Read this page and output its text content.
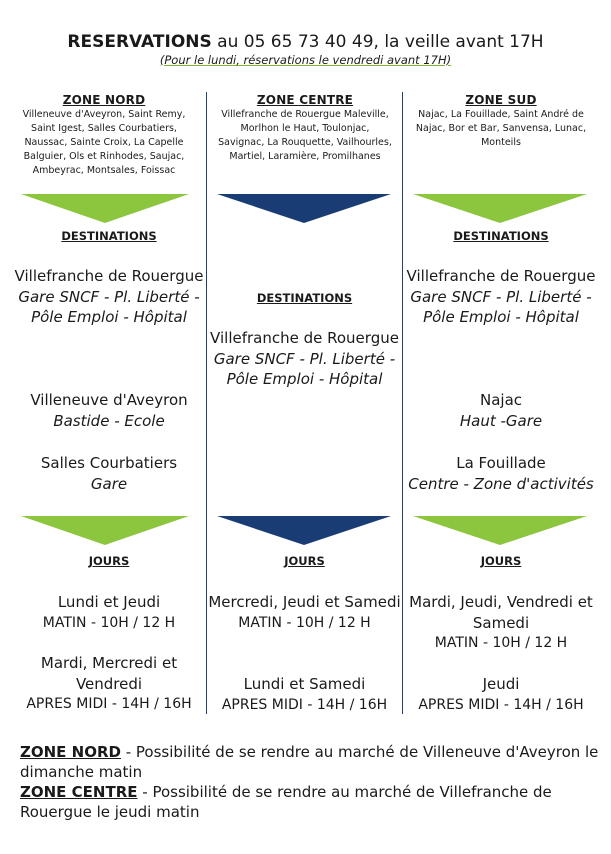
RESERVATIONS au 05 65 73 40 49, la veille avant 17H
(Pour le lundi, réservations le vendredi avant 17H)
ZONE NORD
Villeneuve d'Aveyron, Saint Remy, Saint Igest, Salles Courbatiers, Naussac, Sainte Croix, La Capelle Balguier, Ols et Rinhodes, Saujac, Ambeyrac, Montsales, Foissac
DESTINATIONS
Villefranche de Rouergue
Gare SNCF - Pl. Liberté - Pôle Emploi - Hôpital
Villeneuve d'Aveyron
Bastide - Ecole
Salles Courbatiers
Gare
JOURS
Lundi et Jeudi
MATIN - 10H / 12 H
Mardi, Mercredi et Vendredi
APRES MIDI - 14H / 16H
ZONE CENTRE
Villefranche de Rouergue Maleville, Morlhon le Haut, Toulonjac, Savignac, La Rouquette, Vailhourles, Martiel, Laramière, Promilhanes
DESTINATIONS
Villefranche de Rouergue
Gare SNCF - Pl. Liberté - Pôle Emploi - Hôpital
JOURS
Mercredi, Jeudi et Samedi
MATIN - 10H / 12 H
Lundi et Samedi
APRES MIDI - 14H / 16H
ZONE SUD
Najac, La Fouillade, Saint André de Najac, Bor et Bar, Sanvensa, Lunac, Monteils
DESTINATIONS
Villefranche de Rouergue
Gare SNCF - Pl. Liberté - Pôle Emploi - Hôpital
Najac
Haut -Gare
La Fouillade
Centre - Zone d'activités
JOURS
Mardi, Jeudi, Vendredi et Samedi
MATIN - 10H / 12 H
Jeudi
APRES MIDI - 14H / 16H
ZONE NORD - Possibilité de se rendre au marché de Villeneuve d'Aveyron le dimanche matin
ZONE CENTRE - Possibilité de se rendre au marché de Villefranche de Rouergue le jeudi matin
